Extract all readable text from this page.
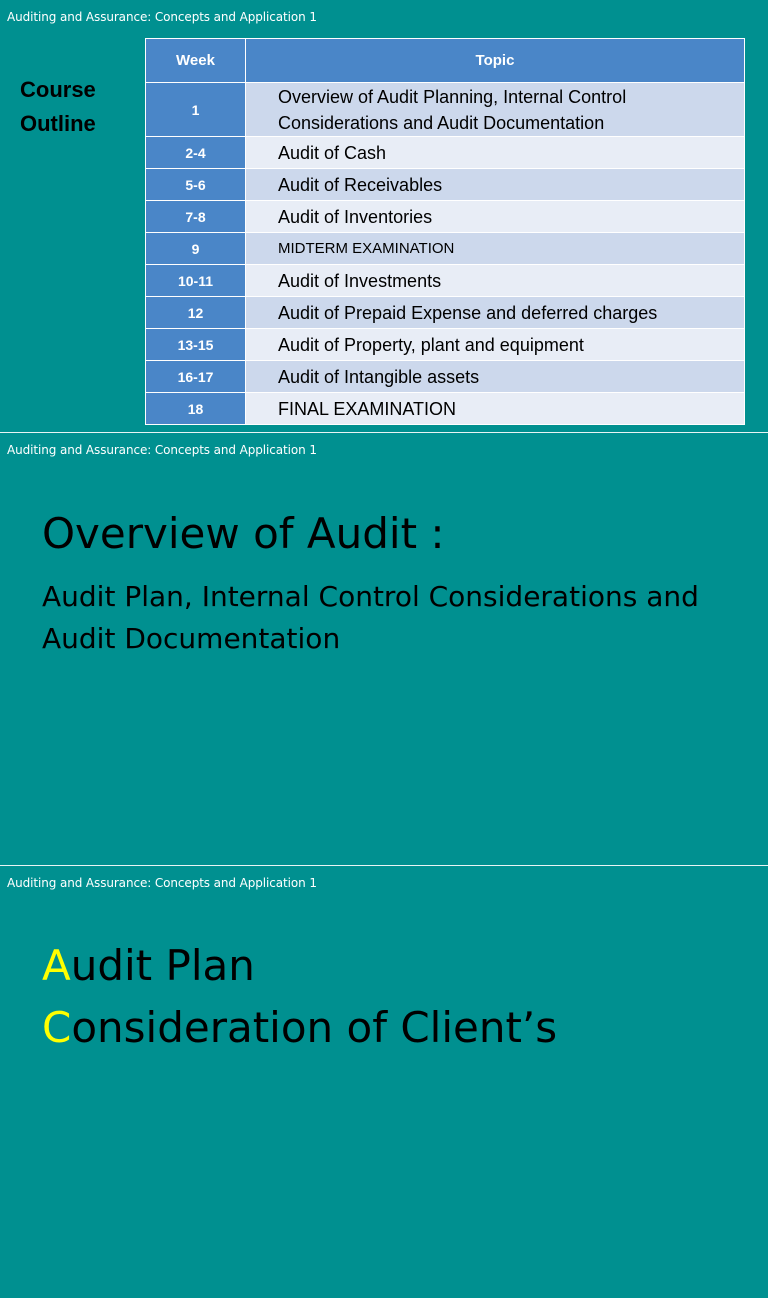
Auditing and Assurance: Concepts and Application 1
Course
Outline
Week	Topic
1	Overview of Audit Planning, Internal Control Considerations and Audit Documentation
2-4	Audit of Cash
5-6	Audit of Receivables
7-8	Audit of Inventories
9	MIDTERM EXAMINATION
10-11	Audit of Investments
12	Audit of Prepaid Expense and deferred charges
13-15	Audit of Property, plant and equipment
16-17	Audit of Intangible assets
18	FINAL EXAMINATION
Auditing and Assurance: Concepts and Application 1
Overview of Audit :
Audit Plan, Internal Control Considerations and Audit Documentation
Auditing and Assurance: Concepts and Application 1
Audit Plan
Consideration of Client’s
